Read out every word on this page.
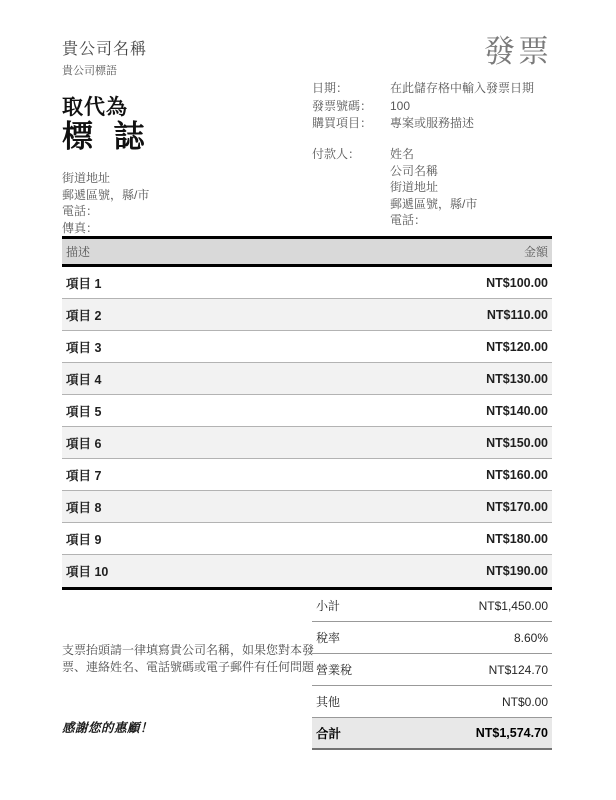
貴公司名稱
貴公司標語
發票
日期：	在此儲存格中輸入發票日期
發票號碼：	100
購買項目：	專案或服務描述
付款人：	姓名
公司名稱
街道地址
郵遞區號，縣/市
電話：
取代為
標 誌
街道地址
郵遞區號，縣/市
電話：
傳真：
描述	金額
項目 1	NT$100.00
項目 2	NT$110.00
項目 3	NT$120.00
項目 4	NT$130.00
項目 5	NT$140.00
項目 6	NT$150.00
項目 7	NT$160.00
項目 8	NT$170.00
項目 9	NT$180.00
項目 10	NT$190.00
小計	NT$1,450.00
稅率	8.60%
營業稅	NT$124.70
其他	NT$0.00
合計	NT$1,574.70
支票抬頭請一律填寫貴公司名稱，如果您對本發票、連絡姓名、電話號碼或電子郵件有任何問題
感謝您的惠顧！
